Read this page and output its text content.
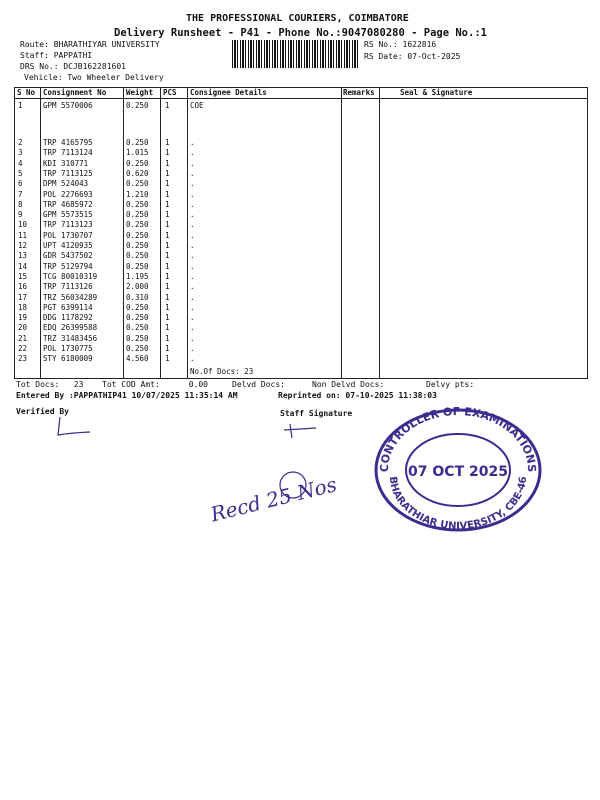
THE PROFESSIONAL COURIERS, COIMBATORE
Delivery Runsheet - P41 - Phone No.:9047080280 - Page No.:1
Route: BHARATHIYAR UNIVERSITY
Staff: PAPPATHI
DRS No.: DCJB162281601
Vehicle: Two Wheeler Delivery
RS No.: 1622816
RS Date: 07-Oct-2025
S No Consignment No	Weight PCS Consignee Details	Remarks	Seal & Signature
1	GPM 5570006	0.250 1	COE
2	TRP 4165795	0.250 1	.
3	TRP 7113124	1.015 1	.
4	KDI 310771	0.250 1	.
5	TRP 7113125	0.620 1	.
6	DPM 524043	0.250 1	.
7	POL 2276693	1.210 1	.
8	TRP 4685972	0.250 1	.
9	GPM 5573515	0.250 1	.
10 TRP 7113123	0.250 1	.
11 POL 1730707	0.250 1	.
12 UPT 4120935	0.250 1	.
13 GDR 5437502	0.250 1	.
14 TRP 5129794	0.250 1	.
15 TCG 80010319	1.195 1	.
16 TRP 7113126	2.000 1	.
17 TRZ 56034289	0.310 1	.
18 PGT 6399114	0.250 1	.
19 DDG 1178292	0.250 1	.
20 EDQ 26399588	0.250 1	.
21 TRZ 31483456	0.250 1	.
22 POL 1730775	0.250 1	.
23 STY 6180009	4.560 1	.
No.Of Docs: 23
Tot Docs:   23 Tot COD Amt:      0.00	Delvd Docs:	Non Delvd Docs:	Delvy pts:
Entered By :PAPPATHIP41 10/07/2025 11:35:14 AM	Reprinted on: 07-10-2025 11:38:03
Verified By	Staff Signature
Recd 25 Nos
CONTROLLER OF EXAMINATIONS
BHARATHIAR UNIVERSITY, CBE-46
07 OCT 2025
